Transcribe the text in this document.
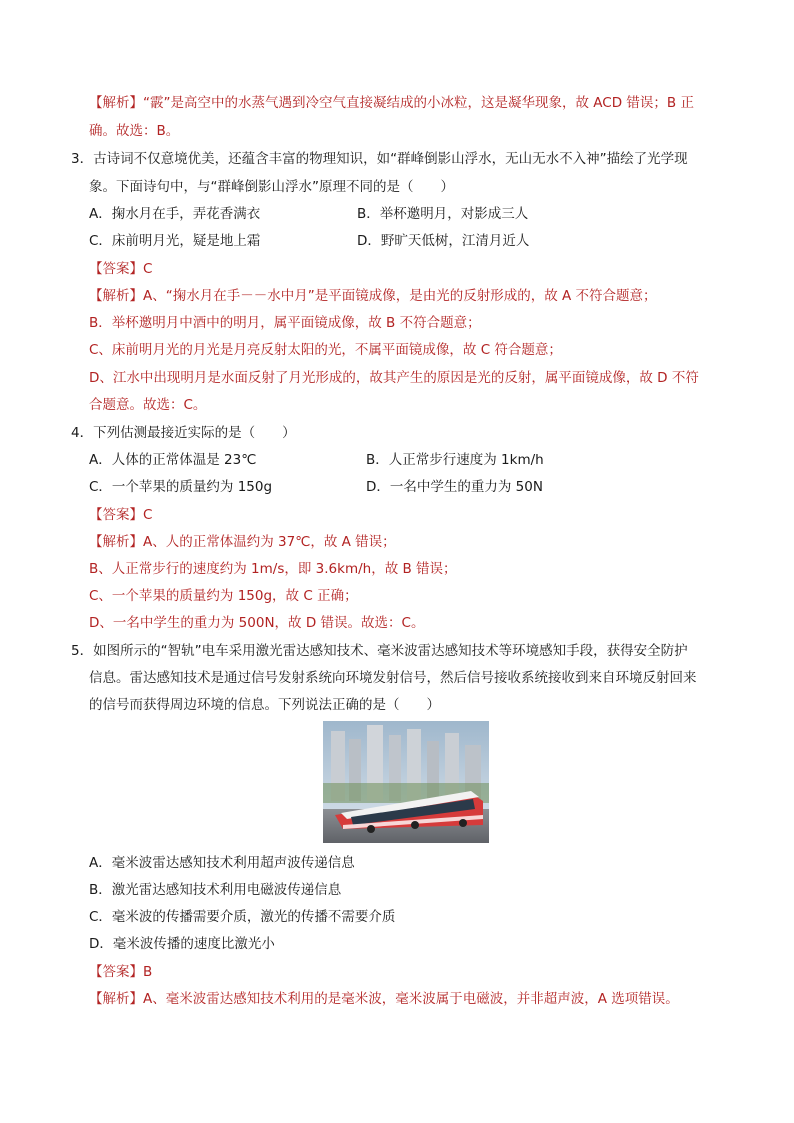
【解析】“霰”是高空中的水蒸气遇到冷空气直接凝结成的小冰粒，这是凝华现象，故 ACD 错误；B 正
确。故选：B。
3．古诗词不仅意境优美，还蕴含丰富的物理知识，如“群峰倒影山浮水，无山无水不入神”描绘了光学现
象。下面诗句中，与“群峰倒影山浮水”原理不同的是（　　）
A．掬水月在手，弄花香满衣	B．举杯邀明月，对影成三人
C．床前明月光，疑是地上霜	D．野旷天低树，江清月近人
【答案】C
【解析】A、“掬水月在手－－水中月”是平面镜成像，是由光的反射形成的，故 A 不符合题意；
B．举杯邀明月中酒中的明月，属平面镜成像，故 B 不符合题意；
C、床前明月光的月光是月亮反射太阳的光，不属平面镜成像，故 C 符合题意；
D、江水中出现明月是水面反射了月光形成的，故其产生的原因是光的反射，属平面镜成像，故 D 不符
合题意。故选：C。
4．下列估测最接近实际的是（　　）
A．人体的正常体温是 23℃	B．人正常步行速度为 1km/h
C．一个苹果的质量约为 150g	D．一名中学生的重力为 50N
【答案】C
【解析】A、人的正常体温约为 37℃，故 A 错误；
B、人正常步行的速度约为 1m/s，即 3.6km/h，故 B 错误；
C、一个苹果的质量约为 150g，故 C 正确；
D、一名中学生的重力为 500N，故 D 错误。故选：C。
5．如图所示的“智轨”电车采用激光雷达感知技术、毫米波雷达感知技术等环境感知手段，获得安全防护
信息。雷达感知技术是通过信号发射系统向环境发射信号，然后信号接收系统接收到来自环境反射回来
的信号而获得周边环境的信息。下列说法正确的是（　　）
A．毫米波雷达感知技术利用超声波传递信息
B．激光雷达感知技术利用电磁波传递信息
C．毫米波的传播需要介质，激光的传播不需要介质
D．毫米波传播的速度比激光小
【答案】B
【解析】A、毫米波雷达感知技术利用的是毫米波，毫米波属于电磁波，并非超声波，A 选项错误。
